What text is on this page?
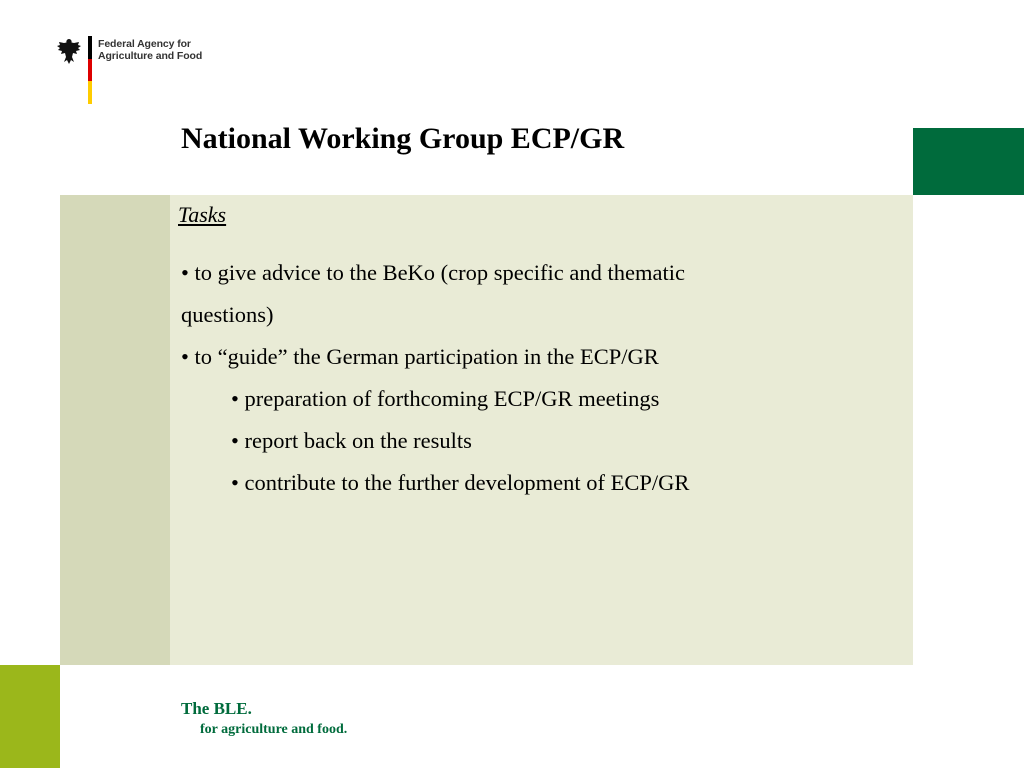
Federal Agency for
Agriculture and Food
National Working Group ECP/GR
Tasks
• to give advice to the BeKo (crop specific and thematic
questions)
• to “guide” the German participation in the ECP/GR
• preparation of forthcoming ECP/GR meetings
• report back on the results
• contribute to the further development of ECP/GR
The BLE.
for agriculture and food.
